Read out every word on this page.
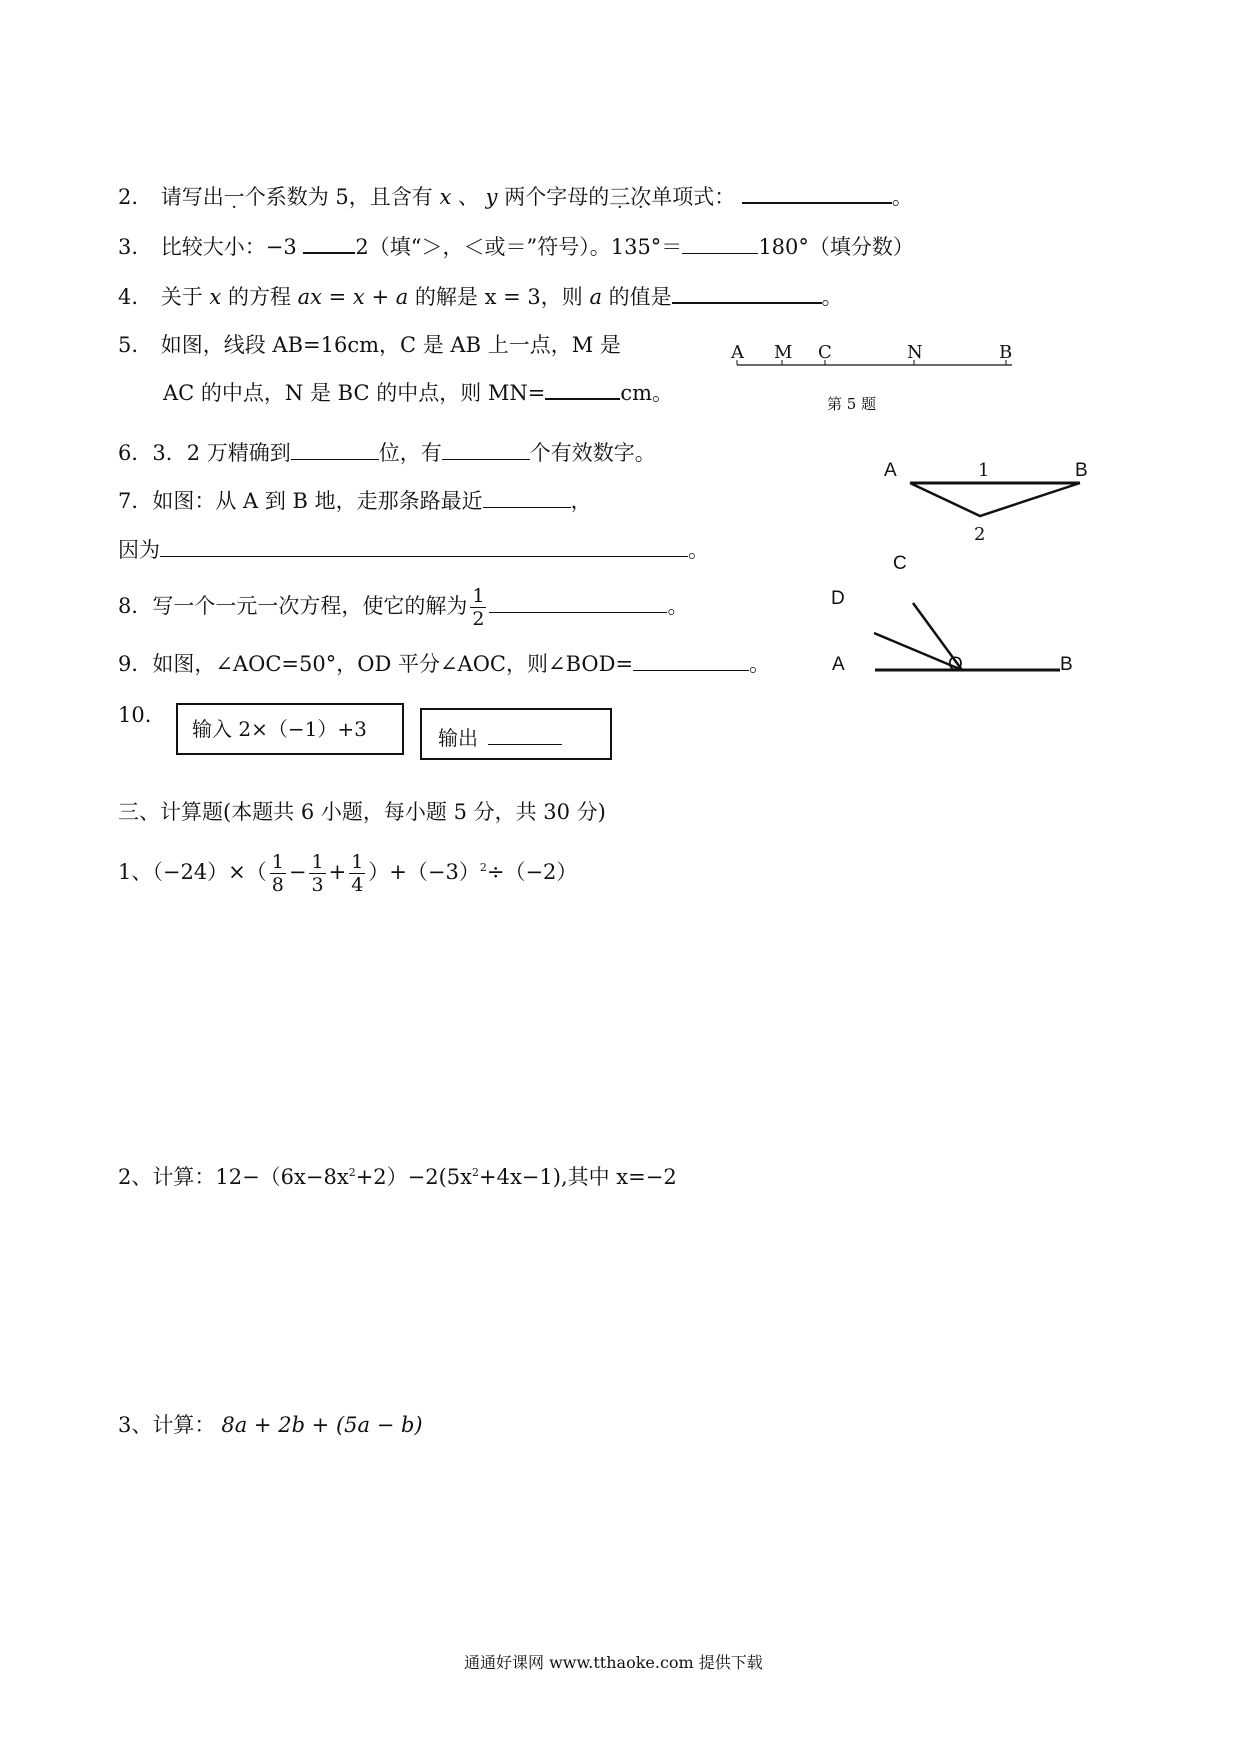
2. 请写出一个系数为 5，且含有 x 、 y 两个字母的三次单项式：	。
3. 比较大小：−3	2（填“＞，＜或＝”符号）。135°＝	180°（填分数）
4. 关于 x 的方程 ax = x + a 的解是 x = 3，则 a 的值是	。
5. 如图，线段 AB=16cm，C 是 AB 上一点，M 是
AC 的中点，N 是 BC 的中点，则 MN=	cm。
A M C	N	B
第 5 题
6．3．2 万精确到	位，有	个有效数字。
A	B
1
2
7．如图：从 A 到 B 地，走那条路最近	，
因为	。
8．写一个一元一次方程，使它的解为 $\frac{1}{2}$	。
C
D
A	B
O
9．如图，∠AOC=50°，OD 平分∠AOC，则∠BOD=	。
10.
输入 2×（−1）+3	输出
三、计算题(本题共 6 小题，每小题 5 分，共 30 分)
1、$(-24)\times( \frac{1}{8} - \frac{1}{3} + \frac{1}{4} )+(-3)^2\div(-2)$
2、计算：$12-(6x-8x^2+2)-2(5x^2+4x-1)$,其中 x=−2
3、计算： 8a + 2b + (5a − b)
通通好课网 www.tthaoke.com 提供下载
